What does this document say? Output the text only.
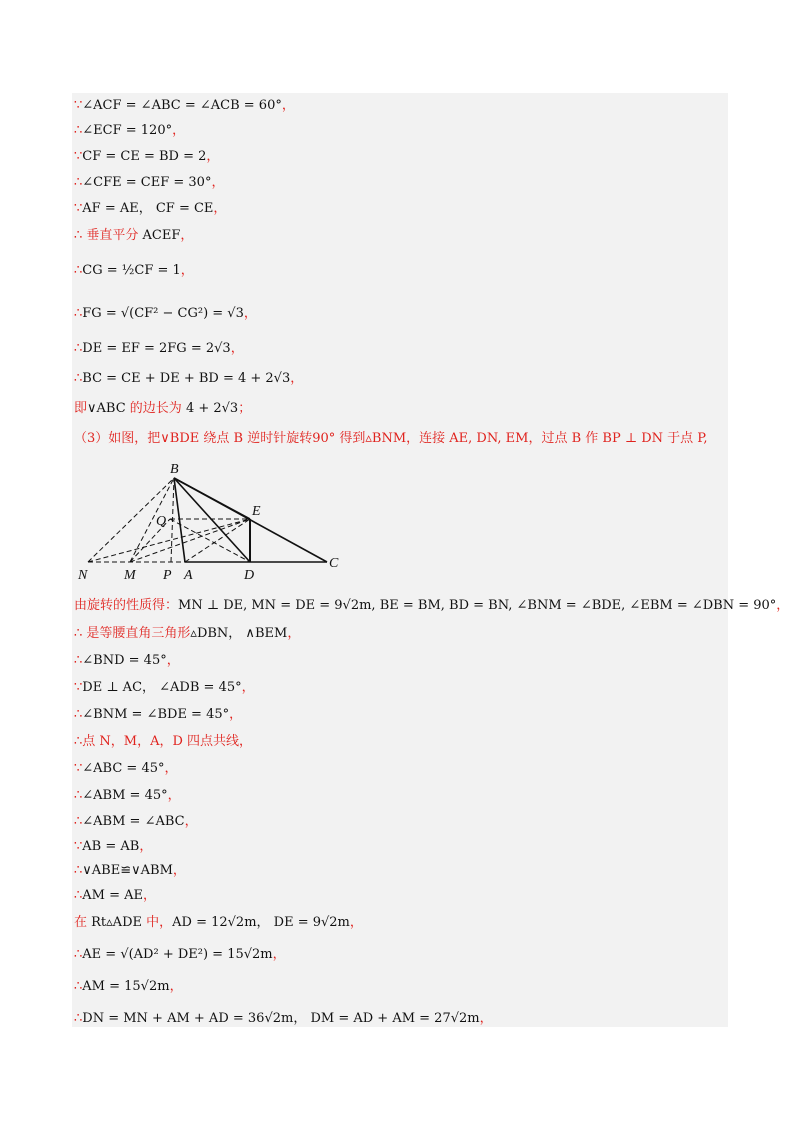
∵∠ACF = ∠ABC = ∠ACB = 60°，
∴∠ECF = 120°，
∵CF = CE = BD = 2，
∴∠CFE = CEF = 30°，
∵AF = AE， CF = CE，
∴ 垂直平分 ACEF，
∴CG = ½CF = 1，
∴FG = √(CF² − CG²) = √3，
∴DE = EF = 2FG = 2√3，
∴BC = CE + DE + BD = 4 + 2√3，
即∨ABC 的边长为 4 + 2√3；
（3）如图，把∨BDE 绕点 B 逆时针旋转90° 得到▵BNM，连接 AE, DN, EM，过点 B 作 BP ⊥ DN 于点 P,
由旋转的性质得：MN ⊥ DE, MN = DE = 9√2m, BE = BM, BD = BN, ∠BNM = ∠BDE, ∠EBM = ∠DBN = 90°，
∴ 是等腰直角三角形▵DBN， ∧BEM，
∴∠BND = 45°，
∵DE ⊥ AC， ∠ADB = 45°，
∴∠BNM = ∠BDE = 45°，
∴点 N，M，A，D 四点共线，
∵∠ABC = 45°，
∴∠ABM = 45°，
∴∠ABM = ∠ABC，
∵AB = AB，
∴∨ABE≌∨ABM，
∴AM = AE，
在 Rt▵ADE 中，AD = 12√2m， DE = 9√2m，
∴AE = √(AD² + DE²) = 15√2m，
∴AM = 15√2m，
∴DN = MN + AM + AD = 36√2m， DM = AD + AM = 27√2m，
B
E
Q
N	M P A	D
C
